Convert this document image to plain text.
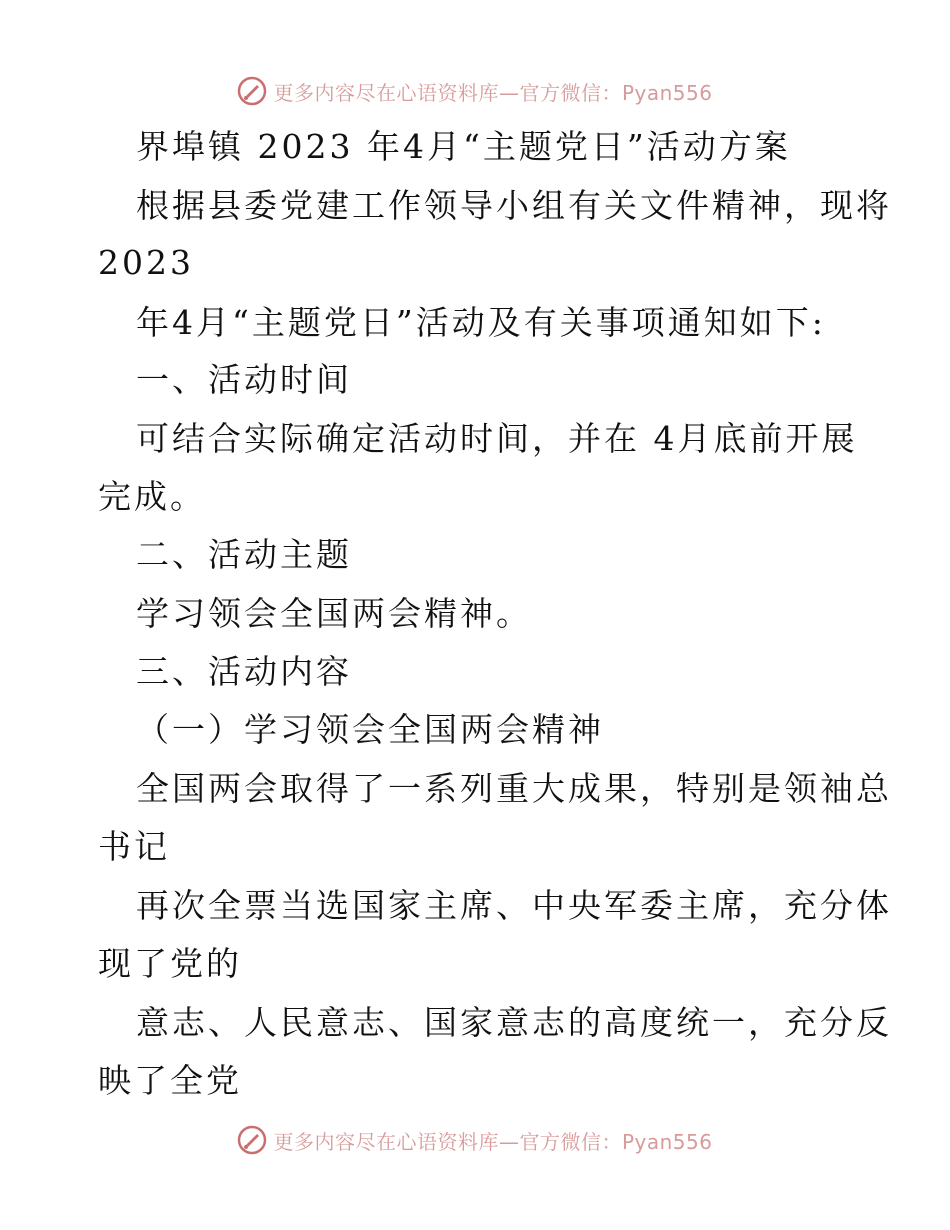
更多内容尽在心语资料库—官方微信：Pyan556
界埠镇 2023 年4月“主题党日”活动方案
根据县委党建工作领导小组有关文件精神，现将
2023
年4月“主题党日”活动及有关事项通知如下:
一、活动时间
可结合实际确定活动时间，并在 4月底前开展
完成。
二、活动主题
学习领会全国两会精神。
三、活动内容
（一）学习领会全国两会精神
全国两会取得了一系列重大成果，特别是领袖总
书记
再次全票当选国家主席、中央军委主席，充分体
现了党的
意志、人民意志、国家意志的高度统一，充分反
映了全党
更多内容尽在心语资料库—官方微信：Pyan556
